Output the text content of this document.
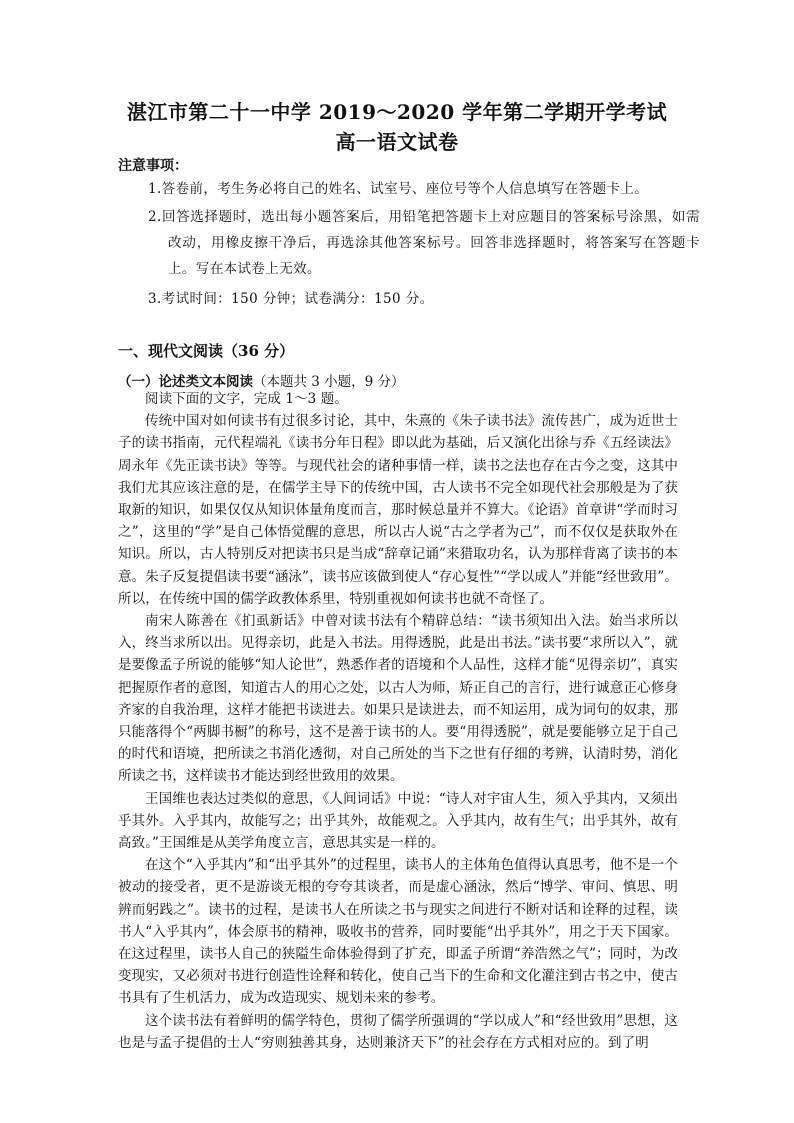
湛江市第二十一中学 2019～2020 学年第二学期开学考试
高一语文试卷
注意事项：
1.答卷前，考生务必将自己的姓名、试室号、座位号等个人信息填写在答题卡上。
2.回答选择题时，选出每小题答案后，用铅笔把答题卡上对应题目的答案标号涂黑，如需改动，用橡皮擦干净后，再选涂其他答案标号。回答非选择题时，将答案写在答题卡上。写在本试卷上无效。
3.考试时间：150 分钟；试卷满分：150 分。
一、现代文阅读（36 分）
（一）论述类文本阅读（本题共 3 小题，9 分）

阅读下面的文字，完成 1～3 题。

传统中国对如何读书有过很多讨论，其中，朱熹的《朱子读书法》流传甚广，成为近世士子的读书指南，元代程端礼《读书分年日程》即以此为基础，后又演化出徐与乔《五经读法》周永年《先正读书诀》等等。与现代社会的诸种事情一样，读书之法也存在古今之变，这其中我们尤其应该注意的是，在儒学主导下的传统中国，古人读书不完全如现代社会那般是为了获取新的知识，如果仅仅从知识体量角度而言，那时候总量并不算大。《论语》首章讲“学而时习之”，这里的“学”是自己体悟觉醒的意思，所以古人说“古之学者为己”，而不仅仅是获取外在知识。所以，古人特别反对把读书只是当成“辞章记诵”来猎取功名，认为那样背离了读书的本意。朱子反复提倡读书要“涵泳”，读书应该做到使人“存心复性”“学以成人”并能“经世致用”。所以，在传统中国的儒学政教体系里，特别重视如何读书也就不奇怪了。

南宋人陈善在《扪虱新话》中曾对读书法有个精辟总结：“读书须知出入法。始当求所以入，终当求所以出。见得亲切，此是入书法。用得透脱，此是出书法。”读书要“求所以入”，就是要像孟子所说的能够“知人论世”，熟悉作者的语境和个人品性，这样才能“见得亲切”，真实把握原作者的意图，知道古人的用心之处，以古人为师，矫正自己的言行，进行诚意正心修身齐家的自我治理，这样才能把书读进去。如果只是读进去，而不知运用，成为词句的奴隶，那只能落得个“两脚书橱”的称号，这不是善于读书的人。要“用得透脱”，就是要能够立足于自己的时代和语境，把所读之书消化透彻，对自己所处的当下之世有仔细的考辨，认清时势，消化所读之书，这样读书才能达到经世致用的效果。

王国维也表达过类似的意思，《人间词话》中说：“诗人对宇宙人生，须入乎其内，又须出乎其外。入乎其内，故能写之；出乎其外，故能观之。入乎其内，故有生气；出乎其外，故有高致。”王国维是从美学角度立言，意思其实是一样的。

在这个“入乎其内”和“出乎其外”的过程里，读书人的主体角色值得认真思考，他不是一个被动的接受者，更不是游谈无根的夸夸其谈者，而是虚心涵泳，然后“博学、审问、慎思、明辨而躬践之”。读书的过程，是读书人在所读之书与现实之间进行不断对话和诠释的过程，读书人“入乎其内”，体会原书的精神，吸收书的营养，同时要能“出乎其外”，用之于天下国家。在这过程里，读书人自己的狭隘生命体验得到了扩充，即孟子所谓“养浩然之气”；同时，为改变现实，又必须对书进行创造性诠释和转化，使自己当下的生命和文化灌注到古书之中，使古书具有了生机活力，成为改造现实、规划未来的参考。

这个读书法有着鲜明的儒学特色，贯彻了儒学所强调的“学以成人”和“经世致用”思想，这也是与孟子提倡的士人“穷则独善其身，达则兼济天下”的社会存在方式相对应的。到了明
